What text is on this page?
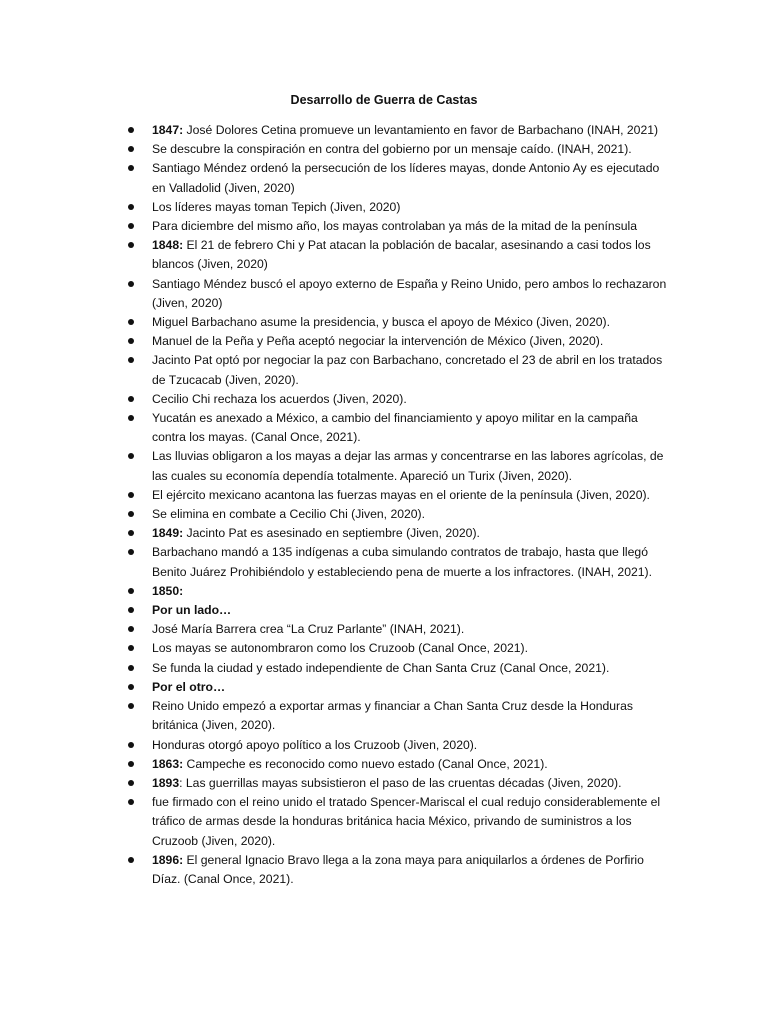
Desarrollo de Guerra de Castas
1847: José Dolores Cetina promueve un levantamiento en favor de Barbachano (INAH, 2021)
Se descubre la conspiración en contra del gobierno por un mensaje caído. (INAH, 2021).
Santiago Méndez ordenó la persecución de los líderes mayas, donde Antonio Ay es ejecutado en Valladolid (Jiven, 2020)
Los líderes mayas toman Tepich (Jiven, 2020)
Para diciembre del mismo año, los mayas controlaban ya más de la mitad de la península
1848: El 21 de febrero Chi y Pat atacan la población de bacalar, asesinando a casi todos los blancos (Jiven, 2020)
Santiago Méndez buscó el apoyo externo de España y Reino Unido, pero ambos lo rechazaron (Jiven, 2020)
Miguel Barbachano asume la presidencia, y busca el apoyo de México (Jiven, 2020).
Manuel de la Peña y Peña aceptó negociar la intervención de México (Jiven, 2020).
Jacinto Pat optó por negociar la paz con Barbachano, concretado el 23 de abril en los tratados de Tzucacab (Jiven, 2020).
Cecilio Chi rechaza los acuerdos (Jiven, 2020).
Yucatán es anexado a México, a cambio del financiamiento y apoyo militar en la campaña contra los mayas. (Canal Once, 2021).
Las lluvias obligaron a los mayas a dejar las armas y concentrarse en las labores agrícolas, de las cuales su economía dependía totalmente. Apareció un Turix (Jiven, 2020).
El ejército mexicano acantona las fuerzas mayas en el oriente de la península (Jiven, 2020).
Se elimina en combate a Cecilio Chi (Jiven, 2020).
1849: Jacinto Pat es asesinado en septiembre (Jiven, 2020).
Barbachano mandó a 135 indígenas a cuba simulando contratos de trabajo, hasta que llegó Benito Juárez Prohibiéndolo y estableciendo pena de muerte a los infractores. (INAH, 2021).
1850:
Por un lado…
José María Barrera crea “La Cruz Parlante” (INAH, 2021).
Los mayas se autonombraron como los Cruzoob (Canal Once, 2021).
Se funda la ciudad y estado independiente de Chan Santa Cruz (Canal Once, 2021).
Por el otro…
Reino Unido empezó a exportar armas y financiar a Chan Santa Cruz desde la Honduras británica (Jiven, 2020).
Honduras otorgó apoyo político a los Cruzoob (Jiven, 2020).
1863: Campeche es reconocido como nuevo estado (Canal Once, 2021).
1893: Las guerrillas mayas subsistieron el paso de las cruentas décadas (Jiven, 2020).
fue firmado con el reino unido el tratado Spencer-Mariscal el cual redujo considerablemente el tráfico de armas desde la honduras británica hacia México, privando de suministros a los Cruzoob (Jiven, 2020).
1896: El general Ignacio Bravo llega a la zona maya para aniquilarlos a órdenes de Porfirio Díaz. (Canal Once, 2021).
